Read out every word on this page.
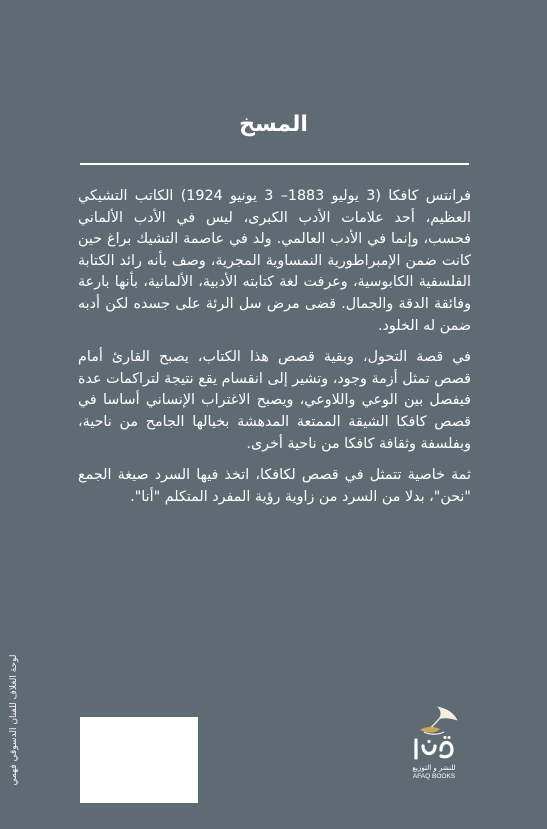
المسخ

فرانتس كافكا (3 يوليو 1883– 3 يونيو 1924) الكاتب التشيكي العظيم، أحد علامات الأدب الكبرى، ليس في الأدب الألماني فحسب، وإنما في الأدب العالمي. ولد في عاصمة التشيك براغ حين كانت ضمن الإمبراطورية النمساوية المجرية، وصف بأنه رائد الكتابة الفلسفية الكابوسية، وعرفت لغة كتابته الأدبية، الألمانية، بأنها بارعة وفائقة الدقة والجمال. قضى مرض سل الرئة على جسده لكن أدبه ضمن له الخلود.

في قصة التحول، وبقية قصص هذا الكتاب، يصبح القارئ أمام قصص تمثل أزمة وجود، وتشير إلى انقسام يقع نتيجة لتراكمات عدة فيفصل بين الوعي واللاوعي، ويصبح الاغتراب الإنساني أساسا في قصص كافكا الشيقة الممتعة المدهشة بخيالها الجامح من ناحية، وبفلسفة وثقافة كافكا من ناحية أخرى.

ثمة خاصية تتمثل في قصص لكافكا، اتخذ فيها السرد صيغة الجمع "نحن"، بدلا من السرد من زاوية رؤية المفرد المتكلم "أنا".

لوحة الغلاف للفنان الدسوقي فهمي	للنشر و التوزيع
AFAQ BOOKS
